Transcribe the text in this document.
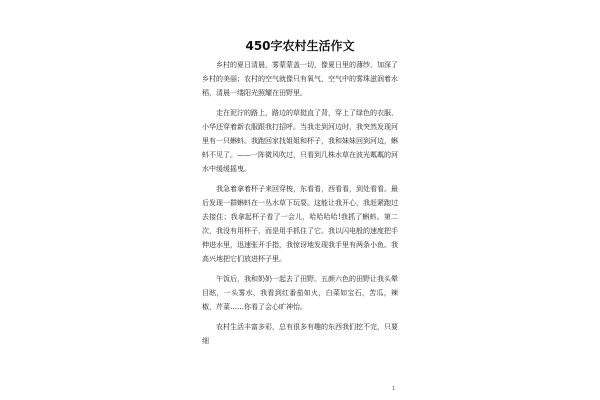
450字农村生活作文

乡村的夏日清晨，雾蒙蒙盖一切，像夏日里的薄纱，加深了乡村的美丽；农村的空气就像只有氧气，空气中的雾珠滋润着水稻，清晨一缕阳光照耀在田野里。

走在泥泞的路上，路边的草挺直了背，穿上了绿色的衣服，小华还穿着新衣服跟我打招呼。当我走到河边时，我突然发现河里有一只蝌蚪。我跑回家找姐姐和杯子，我和妹妹回到河边，蝌蚪不见了。——一阵微风吹过，只看到几株水草在波光粼粼的河水中缓缓摇曳。

我急着拿着杯子来回穿梭，东看看，西看看，到处看看。最后发现一群蝌蚪在一丛水草下玩耍。这能让我开心，我赶紧跑过去接住；我拿起杯子看了一会儿，哈哈哈哈!我抓了蝌蚪。第二次，我没有用杯子，而是用手抓住了它。我以闪电般的速度把手伸进水里，迅速张开手指，我惊讶地发现我手里有两条小鱼。我高兴地把它们放进杯子里。

午饭后，我和奶奶一起去了田野。五颜六色的田野让我头晕目眩，一头雾水，我看到红番茄如火，白菜如宝石，苦瓜，辣椒，芹菜……你看了会心旷神怡。

农村生活丰富多彩，总有很多有趣的东西我们挖不完，只要细

1
